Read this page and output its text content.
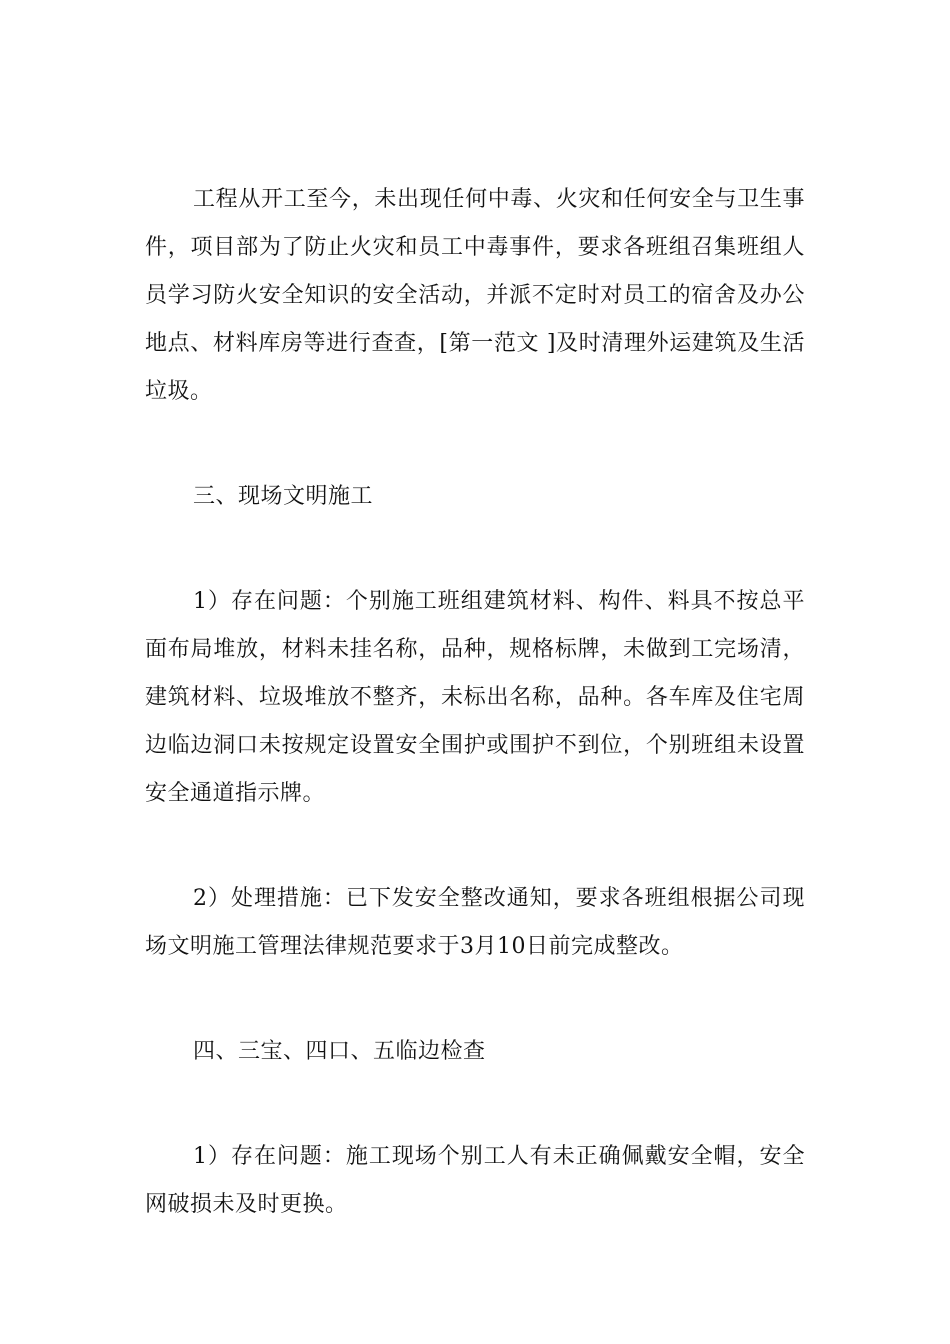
工程从开工至今，未出现任何中毒、火灾和任何安全与卫生事件，项目部为了防止火灾和员工中毒事件，要求各班组召集班组人员学习防火安全知识的安全活动，并派不定时对员工的宿舍及办公地点、材料库房等进行查查，[第一范文 ]及时清理外运建筑及生活垃圾。

三、现场文明施工

1）存在问题：个别施工班组建筑材料、构件、料具不按总平面布局堆放，材料未挂名称，品种，规格标牌，未做到工完场清，建筑材料、垃圾堆放不整齐，未标出名称，品种。各车库及住宅周边临边洞口未按规定设置安全围护或围护不到位，个别班组未设置安全通道指示牌。

2）处理措施：已下发安全整改通知，要求各班组根据公司现场文明施工管理法律规范要求于3月10日前完成整改。

四、三宝、四口、五临边检查

1）存在问题：施工现场个别工人有未正确佩戴安全帽，安全网破损未及时更换。
